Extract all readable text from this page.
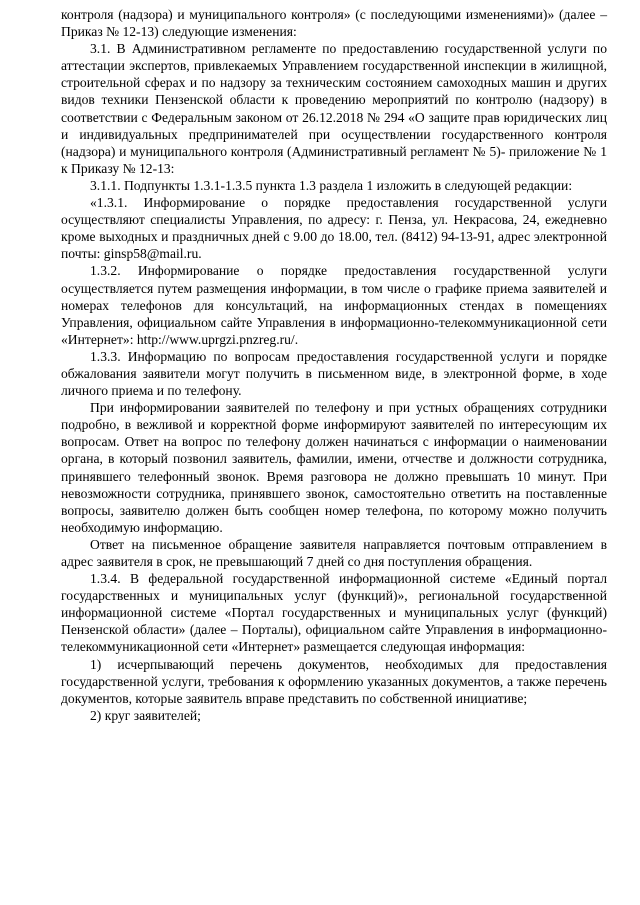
контроля (надзора) и муниципального контроля» (с последующими изменениями)» (далее – Приказ № 12-13) следующие изменения:

3.1. В Административном регламенте по предоставлению государственной услуги по аттестации экспертов, привлекаемых Управлением государственной инспекции в жилищной, строительной сферах и по надзору за техническим состоянием самоходных машин и других видов техники Пензенской области к проведению мероприятий по контролю (надзору) в соответствии с Федеральным законом от 26.12.2018 № 294 «О защите прав юридических лиц и индивидуальных предпринимателей при осуществлении государственного контроля (надзора) и муниципального контроля (Административный регламент № 5)- приложение № 1 к Приказу № 12-13:

3.1.1. Подпункты 1.3.1-1.3.5 пункта 1.3 раздела 1 изложить в следующей редакции:

«1.3.1. Информирование о порядке предоставления государственной услуги осуществляют специалисты Управления, по адресу: г. Пенза, ул. Некрасова, 24, ежедневно кроме выходных и праздничных дней с 9.00 до 18.00, тел. (8412) 94-13-91, адрес электронной почты: ginsp58@mail.ru.

1.3.2. Информирование о порядке предоставления государственной услуги осуществляется путем размещения информации, в том числе о графике приема заявителей и номерах телефонов для консультаций, на информационных стендах в помещениях Управления, официальном сайте Управления в информационно-телекоммуникационной сети «Интернет»: http://www.uprgzi.pnzreg.ru/.

1.3.3. Информацию по вопросам предоставления государственной услуги и порядке обжалования заявители могут получить в письменном виде, в электронной форме, в ходе личного приема и по телефону.

При информировании заявителей по телефону и при устных обращениях сотрудники подробно, в вежливой и корректной форме информируют заявителей по интересующим их вопросам. Ответ на вопрос по телефону должен начинаться с информации о наименовании органа, в который позвонил заявитель, фамилии, имени, отчестве и должности сотрудника, принявшего телефонный звонок. Время разговора не должно превышать 10 минут. При невозможности сотрудника, принявшего звонок, самостоятельно ответить на поставленные вопросы, заявителю должен быть сообщен номер телефона, по которому можно получить необходимую информацию.

Ответ на письменное обращение заявителя направляется почтовым отправлением в адрес заявителя в срок, не превышающий 7 дней со дня поступления обращения.

1.3.4. В федеральной государственной информационной системе «Единый портал государственных и муниципальных услуг (функций)», региональной государственной информационной системе «Портал государственных и муниципальных услуг (функций) Пензенской области» (далее – Порталы), официальном сайте Управления в информационно-телекоммуникационной сети «Интернет» размещается следующая информация:

1) исчерпывающий перечень документов, необходимых для предоставления государственной услуги, требования к оформлению указанных документов, а также перечень документов, которые заявитель вправе представить по собственной инициативе;

2) круг заявителей;
